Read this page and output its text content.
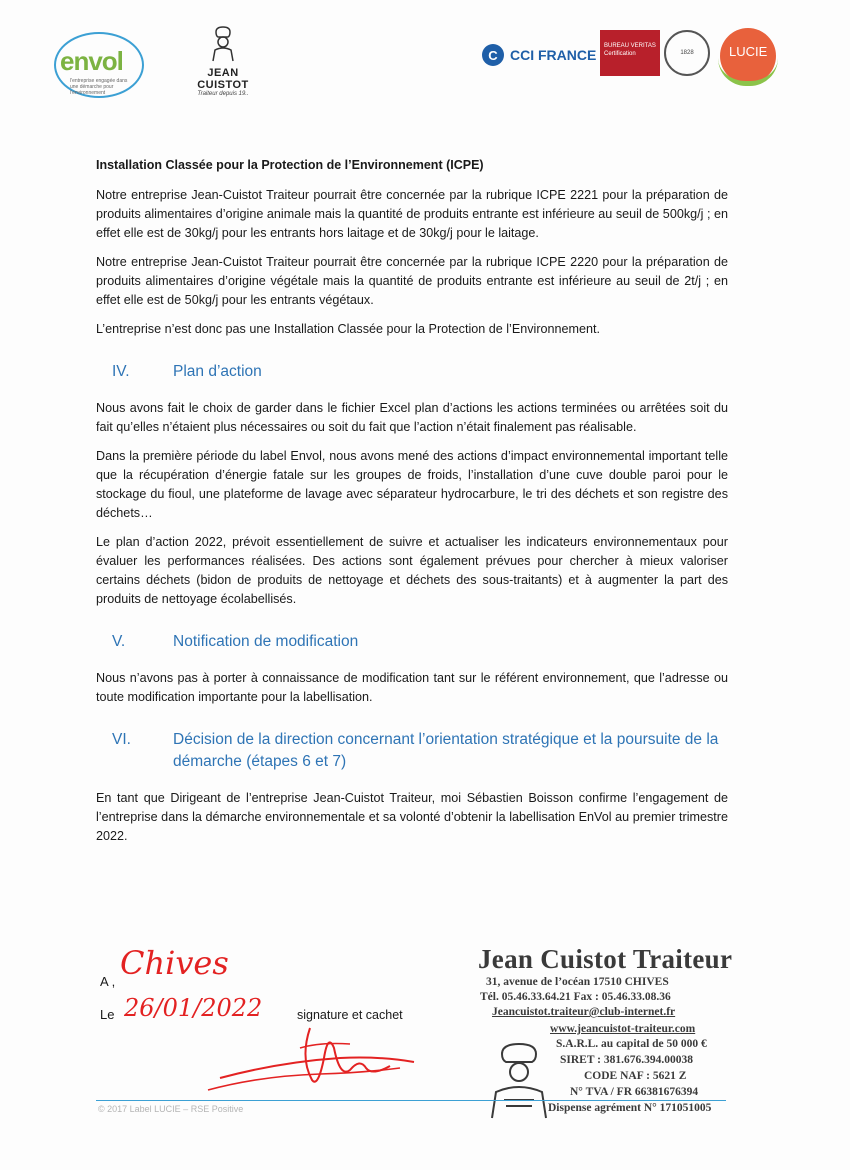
envol
l'entreprise engagée dans une démarche pour l'environnement
JEAN CUISTOT
Traiteur depuis 19..
C CCI FRANCE
BUREAU VERITAS
Certification	1828	LUCIE
Installation Classée pour la Protection de l’Environnement (ICPE)

Notre entreprise Jean-Cuistot Traiteur pourrait être concernée par la rubrique ICPE 2221 pour la préparation de produits alimentaires d’origine animale mais la quantité de produits entrante est inférieure au seuil de 500kg/j ; en effet elle est de 30kg/j pour les entrants hors laitage et de 30kg/j pour le laitage.

Notre entreprise Jean-Cuistot Traiteur pourrait être concernée par la rubrique ICPE 2220 pour la préparation de produits alimentaires d’origine végétale mais la quantité de produits entrante est inférieure au seuil de 2t/j ; en effet elle est de 50kg/j pour les entrants végétaux.

L’entreprise n’est donc pas une Installation Classée pour la Protection de l’Environnement.

IV.	Plan d’action

Nous avons fait le choix de garder dans le fichier Excel plan d’actions les actions terminées ou arrêtées soit du fait qu’elles n’étaient plus nécessaires ou soit du fait que l’action n’était finalement pas réalisable.

Dans la première période du label Envol, nous avons mené des actions d’impact environnemental important telle que la récupération d’énergie fatale sur les groupes de froids, l’installation d’une cuve double paroi pour le stockage du fioul, une plateforme de lavage avec séparateur hydrocarbure, le tri des déchets et son registre des déchets…

Le plan d’action 2022, prévoit essentiellement de suivre et actualiser les indicateurs environnementaux pour évaluer les performances réalisées. Des actions sont également prévues pour chercher à mieux valoriser certains déchets (bidon de produits de nettoyage et déchets des sous-traitants) et à augmenter la part des produits de nettoyage écolabellisés.

V.	Notification de modification

Nous n’avons pas à porter à connaissance de modification tant sur le référent environnement, que l’adresse ou toute modification importante pour la labellisation.

VI.	Décision de la direction concernant l’orientation stratégique et la poursuite de la démarche (étapes 6 et 7)

En tant que Dirigeant de l’entreprise Jean-Cuistot Traiteur, moi Sébastien Boisson confirme l’engagement de l’entreprise dans la démarche environnementale et sa volonté d’obtenir la labellisation EnVol au premier trimestre 2022.

A , Chives
Le 26/01/2022	signature et cachet
Jean Cuistot Traiteur
31, avenue de l’océan 17510 CHIVES
Tél. 05.46.33.64.21 Fax : 05.46.33.08.36
Jeancuistot.traiteur@club-internet.fr
www.jeancuistot-traiteur.com
S.A.R.L. au capital de 50 000 €
SIRET : 381.676.394.00038
CODE NAF : 5621 Z
N° TVA / FR 66381676394
Dispense agrément N° 171051005
© 2017 Label LUCIE – RSE Positive
